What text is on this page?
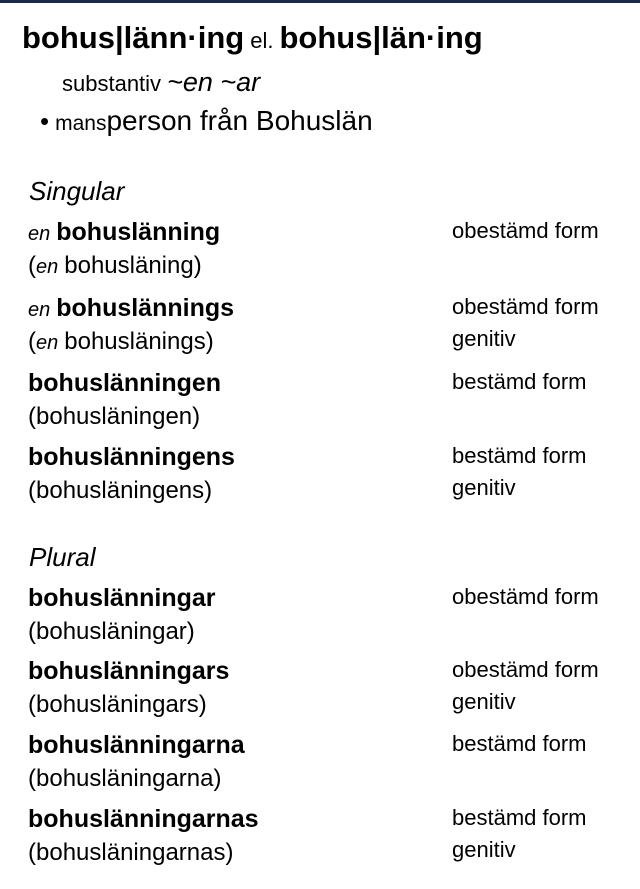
bohus|länn·ing el. bohus|län·ing
substantiv ~en ~ar
• mansperson från Bohuslän
Singular
en bohuslänning
(en bohusläning)
obestämd form
en bohuslännings
(en bohuslänings)
obestämd form
genitiv
bohuslänningen
(bohusläningen)
bestämd form
bohuslänningens
(bohusläningens)
bestämd form
genitiv
Plural
bohuslänningar
(bohusläningar)
obestämd form
bohuslänningars
(bohusläningars)
obestämd form
genitiv
bohuslänningarna
(bohusläningarna)
bestämd form
bohuslänningarnas
(bohusläningarnas)
bestämd form
genitiv
